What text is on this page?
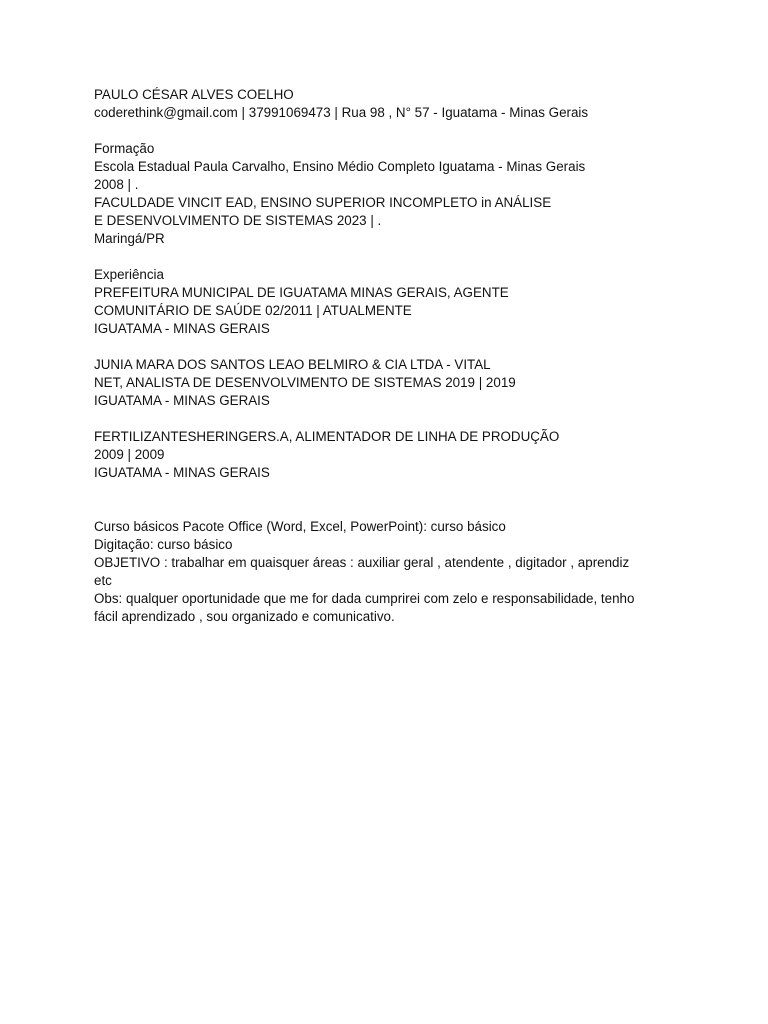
PAULO CÉSAR ALVES COELHO
coderethink@gmail.com | 37991069473 | Rua 98 , N° 57 - Iguatama - Minas Gerais
Formação
Escola Estadual Paula Carvalho, Ensino Médio Completo Iguatama - Minas Gerais
2008 | .
FACULDADE VINCIT EAD, ENSINO SUPERIOR INCOMPLETO in ANÁLISE
E DESENVOLVIMENTO DE SISTEMAS 2023 | .
Maringá/PR
Experiência
PREFEITURA MUNICIPAL DE IGUATAMA MINAS GERAIS, AGENTE
COMUNITÁRIO DE SAÚDE 02/2011 | ATUALMENTE
IGUATAMA - MINAS GERAIS
JUNIA MARA DOS SANTOS LEAO BELMIRO & CIA LTDA - VITAL
NET, ANALISTA DE DESENVOLVIMENTO DE SISTEMAS 2019 | 2019
IGUATAMA - MINAS GERAIS
FERTILIZANTESHERINGERS.A, ALIMENTADOR DE LINHA DE PRODUÇÃO
2009 | 2009
IGUATAMA - MINAS GERAIS
Curso básicos Pacote Office (Word, Excel, PowerPoint): curso básico
Digitação: curso básico
OBJETIVO : trabalhar em quaisquer áreas : auxiliar geral , atendente , digitador , aprendiz
etc
Obs: qualquer oportunidade que me for dada cumprirei com zelo e responsabilidade, tenho
fácil aprendizado , sou organizado e comunicativo.
